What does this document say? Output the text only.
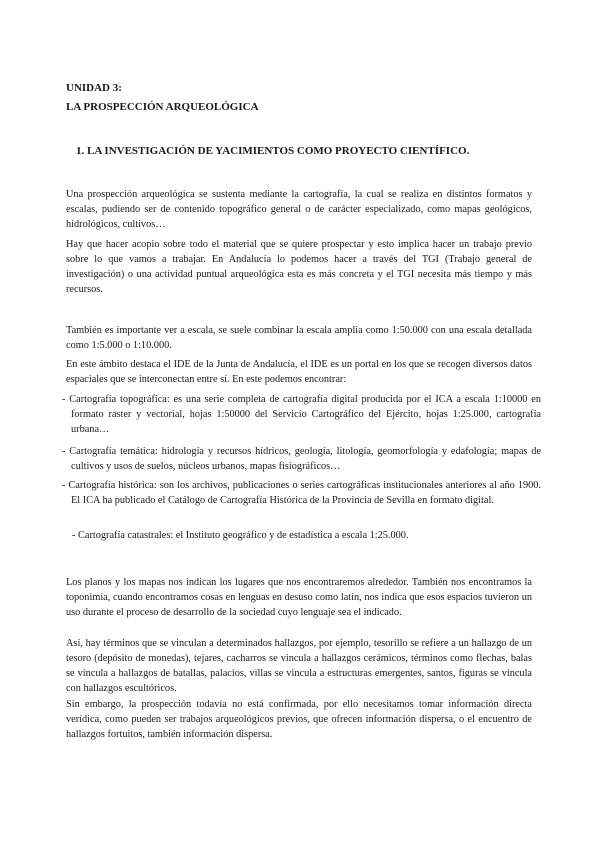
UNIDAD 3:
LA PROSPECCIÓN ARQUEOLÓGICA
1. LA INVESTIGACIÓN DE YACIMIENTOS COMO PROYECTO CIENTÍFICO.

Una prospección arqueológica se sustenta mediante la cartografía, la cual se realiza en distintos formatos y escalas, pudiendo ser de contenido topográfico general o de carácter especializado, como mapas geológicos, hidrológicos, cultivos…

Hay que hacer acopio sobre todo el material que se quiere prospectar y esto implica hacer un trabajo previo sobre lo que vamos a trabajar. En Andalucía lo podemos hacer a través del TGI (Trabajo general de investigación) o una actividad puntual arqueológica esta es más concreta y el TGI necesita más tiempo y más recursos.

También es importante ver a escala, se suele combinar la escala amplia como 1:50.000 con una escala detallada como 1:5.000 o 1:10.000.

En este ámbito destaca el IDE de la Junta de Andalucía, el IDE es un portal en los que se recogen diversos datos espaciales que se interconectan entre sí. En este podemos encontrar:

- Cartografía topográfica: es una serie completa de cartografía digital producida por el ICA a escala 1:10000 en formato raster y vectorial, hojas 1:50000 del Servicio Cartográfico del Ejército, hojas 1:25.000, cartografía urbana…

- Cartografía temática: hidrología y recursos hídricos, geología, litología, geomorfología y edafología; mapas de cultivos y usos de suelos, núcleos urbanos, mapas fisiográficos…

- Cartografía histórica: son los archivos, publicaciones o series cartográficas institucionales anteriores al año 1900. El ICA ha publicado el Catálogo de Cartografía Histórica de la Provincia de Sevilla en formato digital.

- Cartografía catastrales: el Instituto geográfico y de estadística a escala 1:25.000.

Los planos y los mapas nos indican los lugares que nos encontraremos alrededor. También nos encontramos la toponimia, cuando encontramos cosas en lenguas en desuso como latín, nos indica que esos espacios tuvieron un uso durante el proceso de desarrollo de la sociedad cuyo lenguaje sea el indicado.

Así, hay términos que se vinculan a determinados hallazgos, por ejemplo, tesorillo se refiere a un hallazgo de un tesoro (depósito de monedas), tejares, cacharros se vincula a hallazgos cerámicos, términos como flechas, balas se vincula a hallazgos de batallas, palacios, villas se vincula a estructuras emergentes, santos, figuras se vincula con hallazgos escultóricos.

Sin embargo, la prospección todavía no está confirmada, por ello necesitamos tomar información directa verídica, como pueden ser trabajos arqueológicos previos, que ofrecen información dispersa, o el encuentro de hallazgos fortuitos, también información dispersa.
